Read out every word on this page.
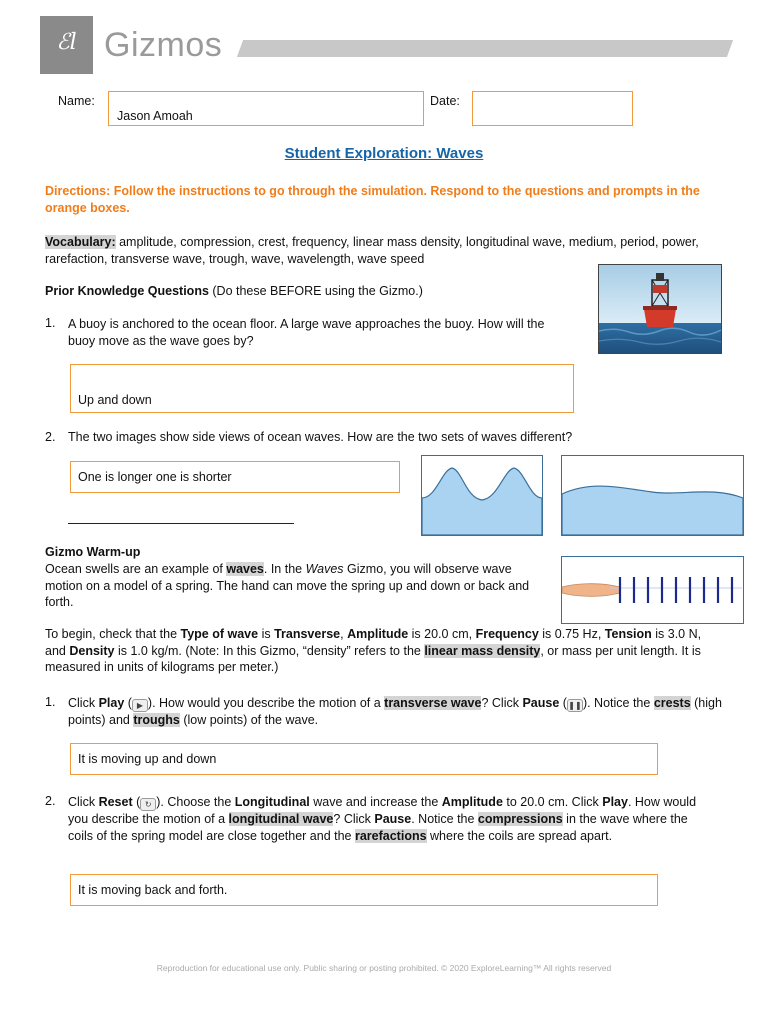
ℰl Gizmos
Name:
Jason Amoah
Date:
Student Exploration: Waves
Directions: Follow the instructions to go through the simulation. Respond to the questions and prompts in the orange boxes.

Vocabulary: amplitude, compression, crest, frequency, linear mass density, longitudinal wave, medium, period, power, rarefaction, transverse wave, trough, wave, wavelength, wave speed

Prior Knowledge Questions (Do these BEFORE using the Gizmo.)

1.	A buoy is anchored to the ocean floor. A large wave approaches the buoy. How will the buoy move as the wave goes by?
Up and down
2.	The two images show side views of ocean waves. How are the two sets of waves different?
One is longer one is shorter
Gizmo Warm-up

Ocean swells are an example of waves. In the Waves Gizmo, you will observe wave motion on a model of a spring. The hand can move the spring up and down or back and forth.

To begin, check that the Type of wave is Transverse, Amplitude is 20.0 cm, Frequency is 0.75 Hz, Tension is 3.0 N, and Density is 1.0 kg/m. (Note: In this Gizmo, “density” refers to the linear mass density, or mass per unit length. It is measured in units of kilograms per meter.)

1.	Click Play ( ▶ ). How would you describe the motion of a transverse wave? Click Pause (❚❚). Notice the crests (high points) and troughs (low points) of the wave.

It is moving up and down
2.	Click Reset ( ↻ ). Choose the Longitudinal wave and increase the Amplitude to 20.0 cm. Click Play. How would you describe the motion of a longitudinal wave? Click Pause. Notice the compressions in the wave where the coils of the spring model are close together and the rarefactions where the coils are spread apart.

It is moving back and forth.
Reproduction for educational use only. Public sharing or posting prohibited. © 2020 ExploreLearning™ All rights reserved
